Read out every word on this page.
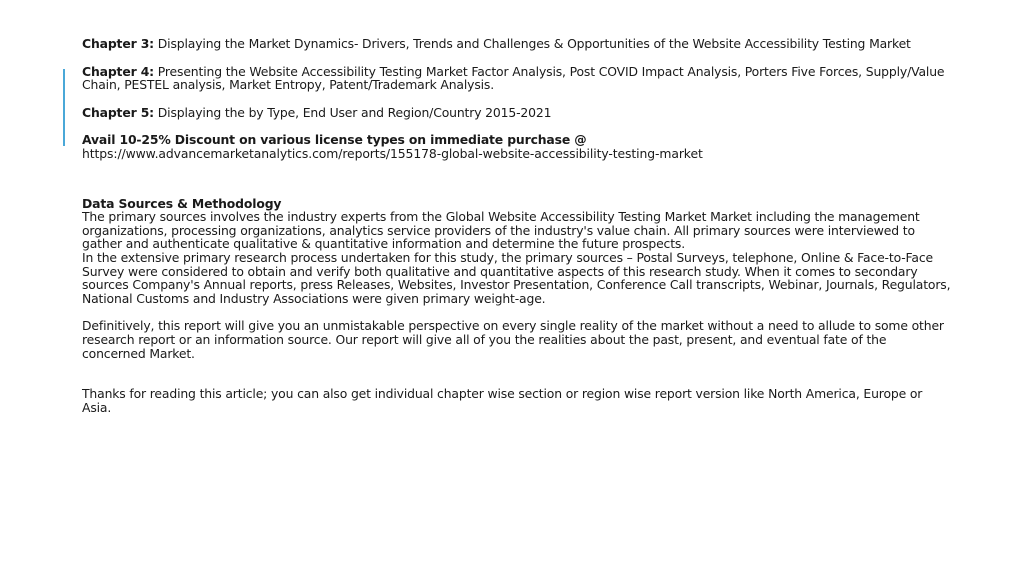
Chapter 3: Displaying the Market Dynamics- Drivers, Trends and Challenges & Opportunities of the Website Accessibility Testing Market

Chapter 4: Presenting the Website Accessibility Testing Market Factor Analysis, Post COVID Impact Analysis, Porters Five Forces, Supply/Value Chain, PESTEL analysis, Market Entropy, Patent/Trademark Analysis.

Chapter 5: Displaying the by Type, End User and Region/Country 2015-2021

Avail 10-25% Discount on various license types on immediate purchase @

https://www.advancemarketanalytics.com/reports/155178-global-website-accessibility-testing-market

Data Sources & Methodology

The primary sources involves the industry experts from the Global Website Accessibility Testing Market Market including the management organizations, processing organizations, analytics service providers of the industry's value chain. All primary sources were interviewed to gather and authenticate qualitative & quantitative information and determine the future prospects.

In the extensive primary research process undertaken for this study, the primary sources – Postal Surveys, telephone, Online & Face-to-Face Survey were considered to obtain and verify both qualitative and quantitative aspects of this research study. When it comes to secondary sources Company's Annual reports, press Releases, Websites, Investor Presentation, Conference Call transcripts, Webinar, Journals, Regulators, National Customs and Industry Associations were given primary weight-age.

Definitively, this report will give you an unmistakable perspective on every single reality of the market without a need to allude to some other research report or an information source. Our report will give all of you the realities about the past, present, and eventual fate of the concerned Market.

Thanks for reading this article; you can also get individual chapter wise section or region wise report version like North America, Europe or Asia.
